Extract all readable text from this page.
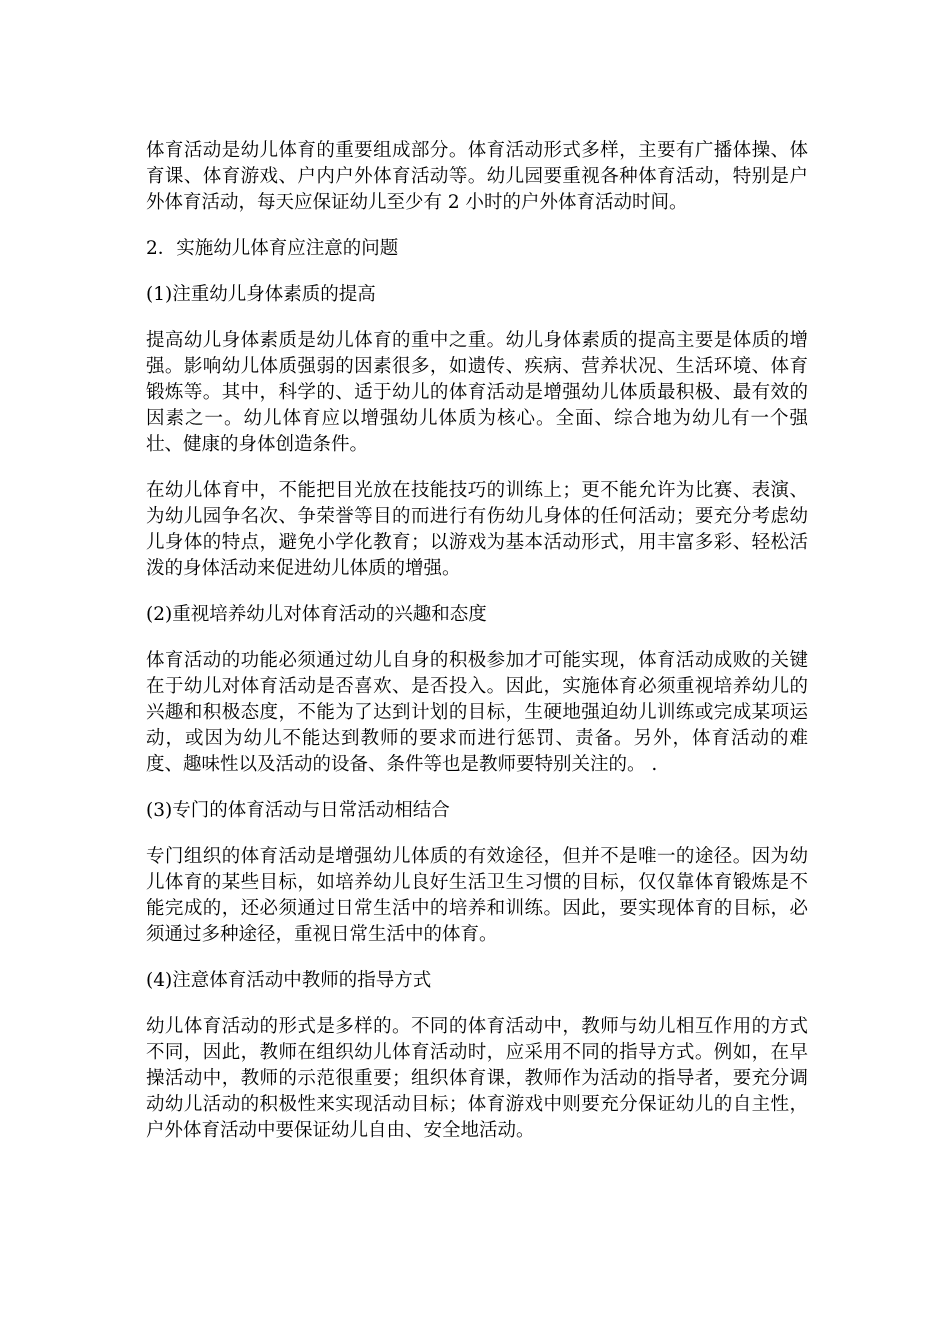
体育活动是幼儿体育的重要组成部分。体育活动形式多样，主要有广播体操、体育课、体育游戏、户内户外体育活动等。幼儿园要重视各种体育活动，特别是户外体育活动，每天应保证幼儿至少有 2 小时的户外体育活动时间。

2．实施幼儿体育应注意的问题

(1)注重幼儿身体素质的提高

提高幼儿身体素质是幼儿体育的重中之重。幼儿身体素质的提高主要是体质的增强。影响幼儿体质强弱的因素很多，如遗传、疾病、营养状况、生活环境、体育锻炼等。其中，科学的、适于幼儿的体育活动是增强幼儿体质最积极、最有效的因素之一。幼儿体育应以增强幼儿体质为核心。全面、综合地为幼儿有一个强壮、健康的身体创造条件。

在幼儿体育中，不能把目光放在技能技巧的训练上；更不能允许为比赛、表演、为幼儿园争名次、争荣誉等目的而进行有伤幼儿身体的任何活动；要充分考虑幼儿身体的特点，避免小学化教育；以游戏为基本活动形式，用丰富多彩、轻松活泼的身体活动来促进幼儿体质的增强。

(2)重视培养幼儿对体育活动的兴趣和态度

体育活动的功能必须通过幼儿自身的积极参加才可能实现，体育活动成败的关键在于幼儿对体育活动是否喜欢、是否投入。因此，实施体育必须重视培养幼儿的兴趣和积极态度，不能为了达到计划的目标，生硬地强迫幼儿训练或完成某项运动，或因为幼儿不能达到教师的要求而进行惩罚、责备。另外，体育活动的难度、趣味性以及活动的设备、条件等也是教师要特别关注的。 .

(3)专门的体育活动与日常活动相结合

专门组织的体育活动是增强幼儿体质的有效途径，但并不是唯一的途径。因为幼儿体育的某些目标，如培养幼儿良好生活卫生习惯的目标，仅仅靠体育锻炼是不能完成的，还必须通过日常生活中的培养和训练。因此，要实现体育的目标，必须通过多种途径，重视日常生活中的体育。

(4)注意体育活动中教师的指导方式

幼儿体育活动的形式是多样的。不同的体育活动中，教师与幼儿相互作用的方式不同，因此，教师在组织幼儿体育活动时，应采用不同的指导方式。例如，在早操活动中，教师的示范很重要；组织体育课，教师作为活动的指导者，要充分调动幼儿活动的积极性来实现活动目标；体育游戏中则要充分保证幼儿的自主性，户外体育活动中要保证幼儿自由、安全地活动。
